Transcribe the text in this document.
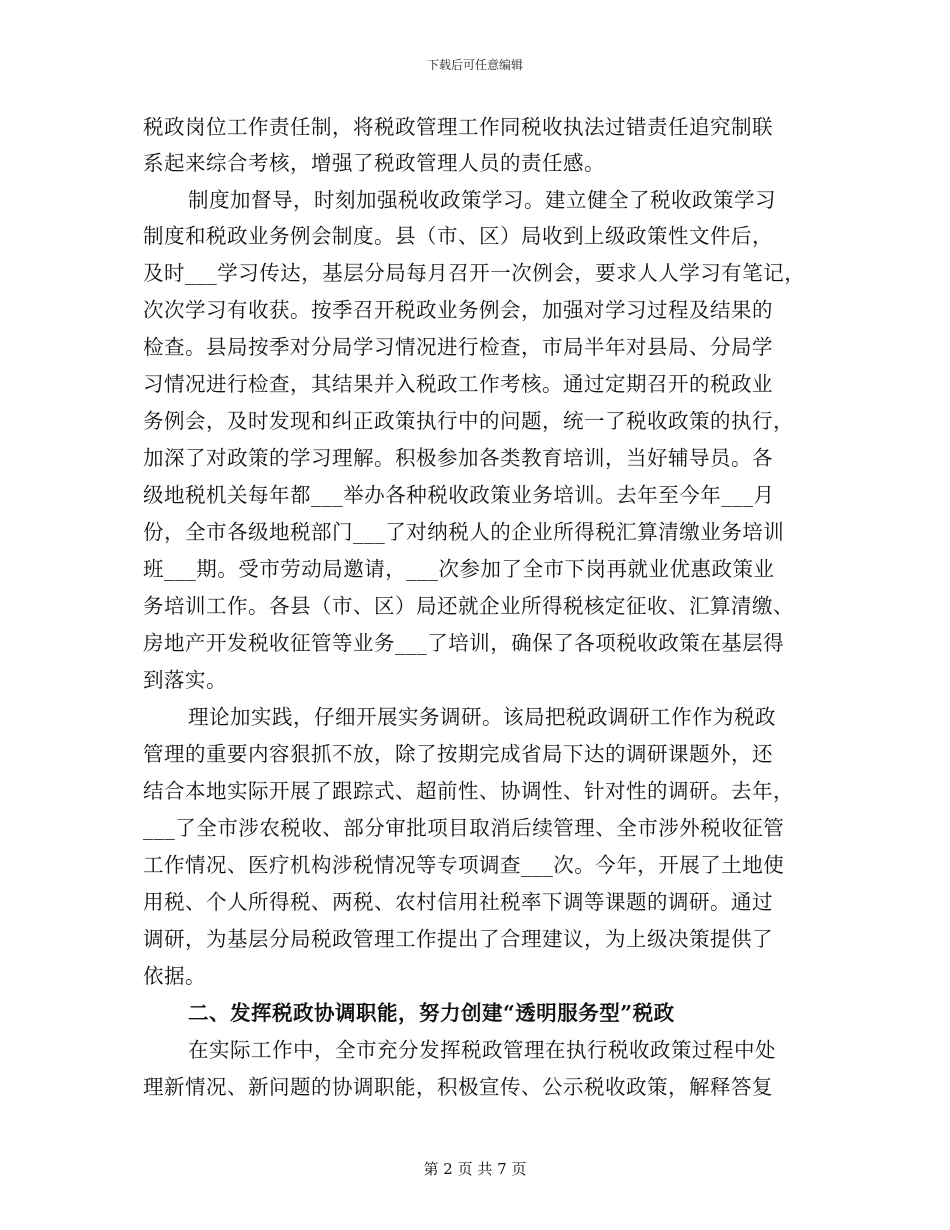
下载后可任意编辑
税政岗位工作责任制，将税政管理工作同税收执法过错责任追究制联
系起来综合考核，增强了税政管理人员的责任感。
制度加督导，时刻加强税收政策学习。建立健全了税收政策学习
制度和税政业务例会制度。县（市、区）局收到上级政策性文件后，
及时___学习传达，基层分局每月召开一次例会，要求人人学习有笔记，
次次学习有收获。按季召开税政业务例会，加强对学习过程及结果的
检查。县局按季对分局学习情况进行检查，市局半年对县局、分局学
习情况进行检查，其结果并入税政工作考核。通过定期召开的税政业
务例会，及时发现和纠正政策执行中的问题，统一了税收政策的执行，
加深了对政策的学习理解。积极参加各类教育培训，当好辅导员。各
级地税机关每年都___举办各种税收政策业务培训。去年至今年___月
份，全市各级地税部门___了对纳税人的企业所得税汇算清缴业务培训
班___期。受市劳动局邀请，___次参加了全市下岗再就业优惠政策业
务培训工作。各县（市、区）局还就企业所得税核定征收、汇算清缴、
房地产开发税收征管等业务___了培训，确保了各项税收政策在基层得
到落实。
理论加实践，仔细开展实务调研。该局把税政调研工作作为税政
管理的重要内容狠抓不放，除了按期完成省局下达的调研课题外，还
结合本地实际开展了跟踪式、超前性、协调性、针对性的调研。去年，
___了全市涉农税收、部分审批项目取消后续管理、全市涉外税收征管
工作情况、医疗机构涉税情况等专项调查___次。今年，开展了土地使
用税、个人所得税、两税、农村信用社税率下调等课题的调研。通过
调研，为基层分局税政管理工作提出了合理建议，为上级决策提供了
依据。
二、发挥税政协调职能，努力创建“透明服务型”税政
在实际工作中，全市充分发挥税政管理在执行税收政策过程中处
理新情况、新问题的协调职能，积极宣传、公示税收政策，解释答复
第 2 页 共 7 页
